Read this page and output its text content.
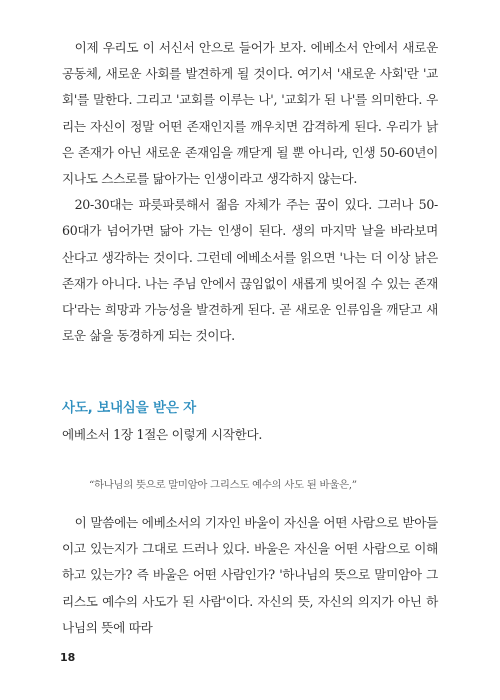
이제 우리도 이 서신서 안으로 들어가 보자. 에베소서 안에서 새로운 공동체, 새로운 사회를 발견하게 될 것이다. 여기서 '새로운 사회'란 '교회'를 말한다. 그리고 '교회를 이루는 나', '교회가 된 나'를 의미한다. 우리는 자신이 정말 어떤 존재인지를 깨우치면 감격하게 된다. 우리가 낡은 존재가 아닌 새로운 존재임을 깨닫게 될 뿐 아니라, 인생 50-60년이 지나도 스스로를 닮아가는 인생이라고 생각하지 않는다.

20-30대는 파릇파릇해서 젊음 자체가 주는 꿈이 있다. 그러나 50-60대가 넘어가면 닮아 가는 인생이 된다. 생의 마지막 날을 바라보며 산다고 생각하는 것이다. 그런데 에베소서를 읽으면 '나는 더 이상 낡은 존재가 아니다. 나는 주님 안에서 끊임없이 새롭게 빚어질 수 있는 존재다'라는 희망과 가능성을 발견하게 된다. 곧 새로운 인류임을 깨닫고 새로운 삶을 동경하게 되는 것이다.

사도, 보내심을 받은 자

에베소서 1장 1절은 이렇게 시작한다.

“하나님의 뜻으로 말미암아 그리스도 예수의 사도 된 바울은,”

이 말씀에는 에베소서의 기자인 바울이 자신을 어떤 사람으로 받아들이고 있는지가 그대로 드러나 있다. 바울은 자신을 어떤 사람으로 이해하고 있는가? 즉 바울은 어떤 사람인가? '하나님의 뜻으로 말미암아 그리스도 예수의 사도가 된 사람'이다. 자신의 뜻, 자신의 의지가 아닌 하나님의 뜻에 따라

18
